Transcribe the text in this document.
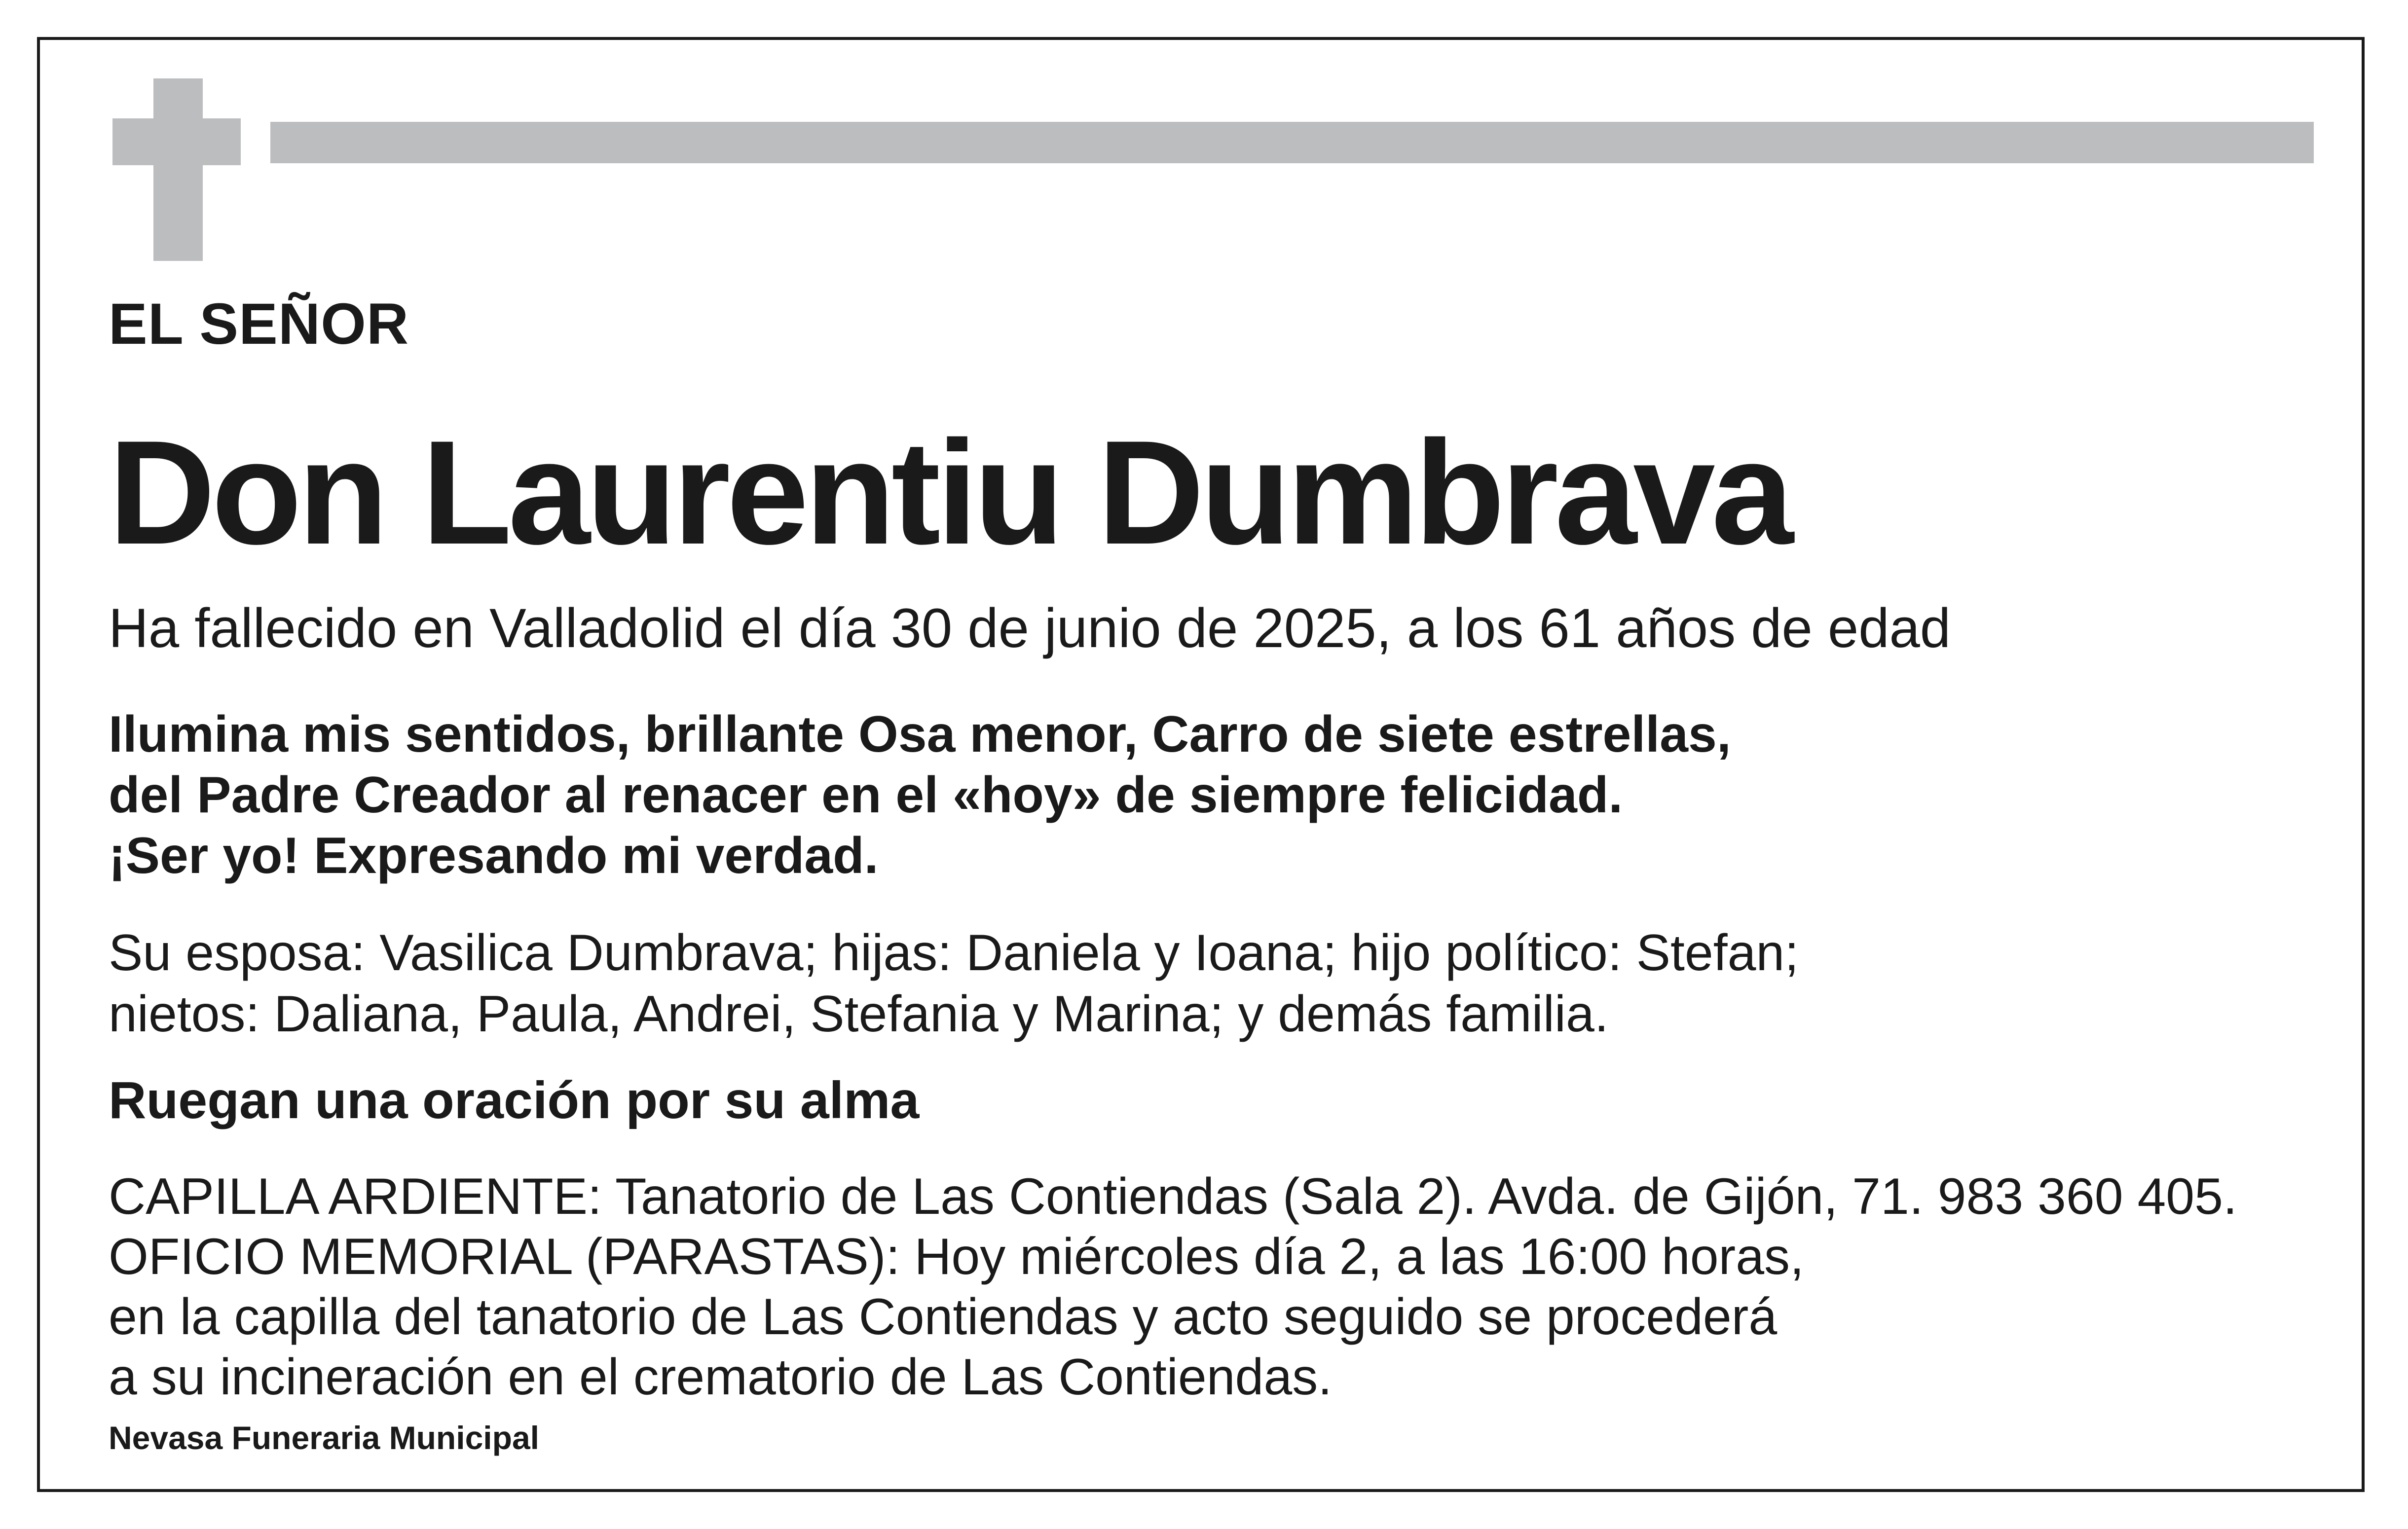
EL SEÑOR
Don Laurentiu Dumbrava
Ha fallecido en Valladolid el día 30 de junio de 2025, a los 61 años de edad
Ilumina mis sentidos, brillante Osa menor, Carro de siete estrellas,
del Padre Creador al renacer en el «hoy» de siempre felicidad.
¡Ser yo! Expresando mi verdad.
Su esposa: Vasilica Dumbrava; hijas: Daniela y Ioana; hijo político: Stefan;
nietos: Daliana, Paula, Andrei, Stefania y Marina; y demás familia.
Ruegan una oración por su alma
CAPILLA ARDIENTE: Tanatorio de Las Contiendas (Sala 2). Avda. de Gijón, 71. 983 360 405.
OFICIO MEMORIAL (PARASTAS): Hoy miércoles día 2, a las 16:00 horas,
en la capilla del tanatorio de Las Contiendas y acto seguido se procederá
a su incineración en el crematorio de Las Contiendas.
Nevasa Funeraria Municipal
